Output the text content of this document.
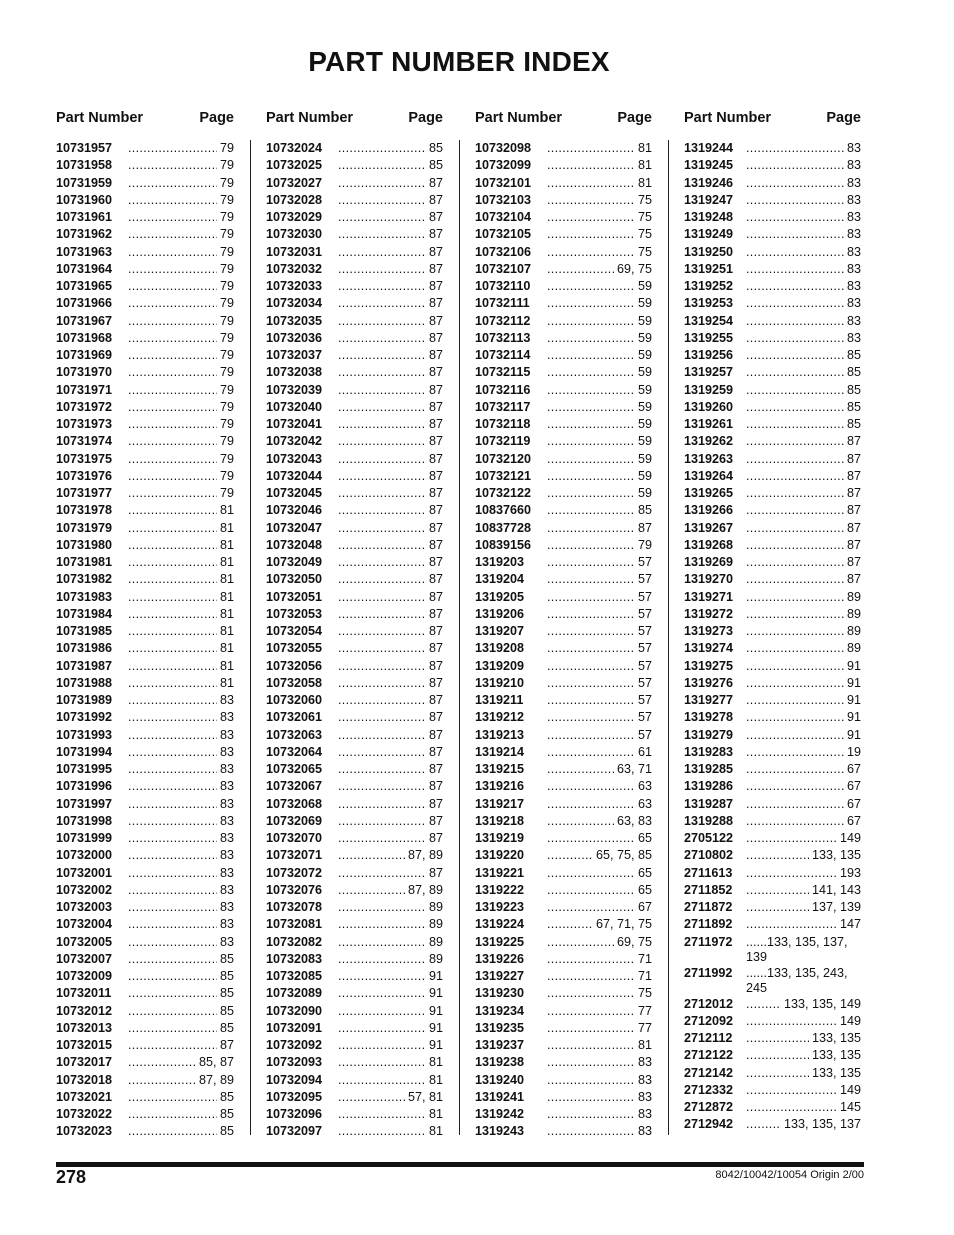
PART NUMBER INDEX
Part Number	Page
10731957 .....	79
10731958 .....	79
10731959 .....	79
10731960 .....	79
10731961 .....	79
10731962 .....	79
10731963 .....	79
10731964 .....	79
10731965 .....	79
10731966 .....	79
10731967 .....	79
10731968 .....	79
10731969 .....	79
10731970 .....	79
10731971 .....	79
10731972 .....	79
10731973 .....	79
10731974 .....	79
10731975 .....	79
10731976 .....	79
10731977 .....	79
10731978 .....	81
10731979 .....	81
10731980 .....	81
10731981 .....	81
10731982 .....	81
10731983 .....	81
10731984 .....	81
10731985 .....	81
10731986 .....	81
10731987 .....	81
10731988 .....	81
10731989 .....	83
10731992 .....	83
10731993 .....	83
10731994 .....	83
10731995 .....	83
10731996 .....	83
10731997 .....	83
10731998 .....	83
10731999 .....	83
10732000 .....	83
10732001 .....	83
10732002 .....	83
10732003 .....	83
10732004 .....	83
10732005 .....	83
10732007 .....	85
10732009 .....	85
10732011 .....	85
10732012 .....	85
10732013 .....	85
10732015 .....	87
10732017 .....	85, 87
10732018 .....	87, 89
10732021 .....	85
10732022 .....	85
10732023 .....	85
Part Number	Page
10732024 .....	85
10732025 .....	85
10732027 .....	87
10732028 .....	87
10732029 .....	87
10732030 .....	87
10732031 .....	87
10732032 .....	87
10732033 .....	87
10732034 .....	87
10732035 .....	87
10732036 .....	87
10732037 .....	87
10732038 .....	87
10732039 .....	87
10732040 .....	87
10732041 .....	87
10732042 .....	87
10732043 .....	87
10732044 .....	87
10732045 .....	87
10732046 .....	87
10732047 .....	87
10732048 .....	87
10732049 .....	87
10732050 .....	87
10732051 .....	87
10732053 .....	87
10732054 .....	87
10732055 .....	87
10732056 .....	87
10732058 .....	87
10732060 .....	87
10732061 .....	87
10732063 .....	87
10732064 .....	87
10732065 .....	87
10732067 .....	87
10732068 .....	87
10732069 .....	87
10732070 .....	87
10732071 .....	87, 89
10732072 .....	87
10732076 .....	87, 89
10732078 .....	89
10732081 .....	89
10732082 .....	89
10732083 .....	89
10732085 .....	91
10732089 .....	91
10732090 .....	91
10732091 .....	91
10732092 .....	91
10732093 .....	81
10732094 .....	81
10732095 .....	57, 81
10732096 .....	81
10732097 .....	81
Part Number	Page
10732098 .....	81
10732099 .....	81
10732101 .....	81
10732103 .....	75
10732104 .....	75
10732105 .....	75
10732106 .....	75
10732107 .....	69, 75
10732110 .....	59
10732111 .....	59
10732112 .....	59
10732113 .....	59
10732114 .....	59
10732115 .....	59
10732116 .....	59
10732117 .....	59
10732118 .....	59
10732119 .....	59
10732120 .....	59
10732121 .....	59
10732122 .....	59
10837660 .....	85
10837728 .....	87
10839156 .....	79
1319203 .....	57
1319204 .....	57
1319205 .....	57
1319206 .....	57
1319207 .....	57
1319208 .....	57
1319209 .....	57
1319210 .....	57
1319211 .....	57
1319212 .....	57
1319213 .....	57
1319214 .....	61
1319215 .....	63, 71
1319216 .....	63
1319217 .....	63
1319218 .....	63, 83
1319219 .....	65
1319220 .....	65, 75, 85
1319221 .....	65
1319222 .....	65
1319223 .....	67
1319224 .....	67, 71, 75
1319225 .....	69, 75
1319226 .....	71
1319227 .....	71
1319230 .....	75
1319234 .....	77
1319235 .....	77
1319237 .....	81
1319238 .....	83
1319240 .....	83
1319241 .....	83
1319242 .....	83
1319243 .....	83
Part Number	Page
1319244 .....	83
1319245 .....	83
1319246 .....	83
1319247 .....	83
1319248 .....	83
1319249 .....	83
1319250 .....	83
1319251 .....	83
1319252 .....	83
1319253 .....	83
1319254 .....	83
1319255 .....	83
1319256 .....	85
1319257 .....	85
1319259 .....	85
1319260 .....	85
1319261 .....	85
1319262 .....	87
1319263 .....	87
1319264 .....	87
1319265 .....	87
1319266 .....	87
1319267 .....	87
1319268 .....	87
1319269 .....	87
1319270 .....	87
1319271 .....	89
1319272 .....	89
1319273 .....	89
1319274 .....	89
1319275 .....	91
1319276 .....	91
1319277 .....	91
1319278 .....	91
1319279 .....	91
1319283 .....	19
1319285 .....	67
1319286 .....	67
1319287 .....	67
1319288 .....	67
2705122 .....	149
2710802 .....	133, 135
2711613 .....	193
2711852 .....	141, 143
2711872 .....	137, 139
2711892 .....	147
2711972 ......	133, 135, 137, 139
2711992 ......	133, 135, 243, 245
2712012 .....	133, 135, 149
2712092 .....	149
2712112 .....	133, 135
2712122 .....	133, 135
2712142 .....	133, 135
2712332 .....	149
2712872 .....	145
2712942 .....	133, 135, 137
278	8042/10042/10054 Origin 2/00
